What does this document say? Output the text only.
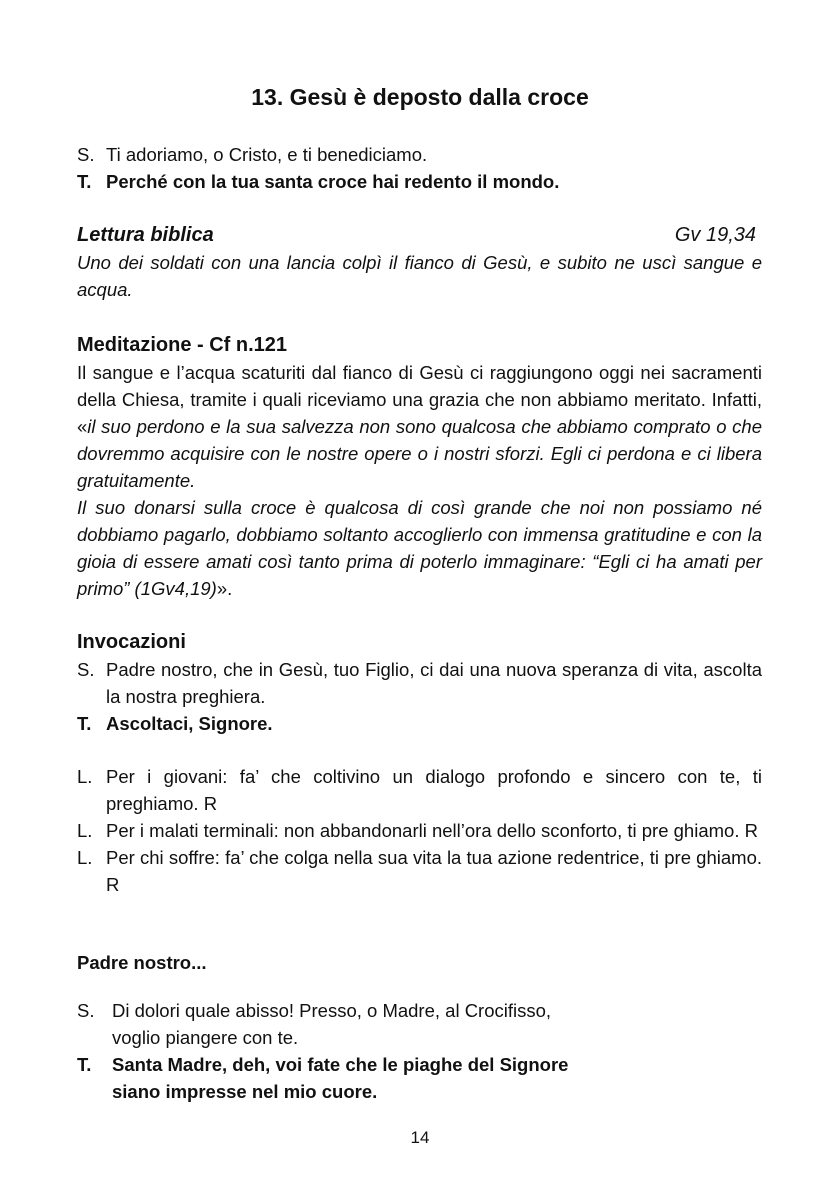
13. Gesù è deposto dalla croce
S. Ti adoriamo, o Cristo, e ti benediciamo.
T. Perché con la tua santa croce hai redento il mondo.
Lettura biblica	Gv 19,34
Uno dei soldati con una lancia colpì il fianco di Gesù, e subito ne uscì sangue e acqua.
Meditazione - Cf n.121
Il sangue e l’acqua scaturiti dal fianco di Gesù ci raggiungono oggi nei sacramenti della Chiesa, tramite i quali riceviamo una grazia che non abbiamo meritato. Infatti, «il suo perdono e la sua salvezza non sono qualcosa che abbiamo comprato o che dovremmo acquisire con le nostre opere o i nostri sforzi. Egli ci perdona e ci libera gratuitamente.
Il suo donarsi sulla croce è qualcosa di così grande che noi non possiamo né dobbiamo pagarlo, dobbiamo soltanto accoglierlo con immensa gratitudine e con la gioia di essere amati così tanto prima di poterlo immaginare: “Egli ci ha amati per primo” (1Gv4,19)».
Invocazioni
S. Padre nostro, che in Gesù, tuo Figlio, ci dai una nuova speranza di vita, ascolta la nostra preghiera.
T. Ascoltaci, Signore.
L. Per i giovani: fa’ che coltivino un dialogo profondo e sincero con te, ti preghiamo. R
L. Per i malati terminali: non abbandonarli nell’ora dello sconforto, ti pre ghiamo. R
L. Per chi soffre: fa’ che colga nella sua vita la tua azione redentrice, ti pre ghiamo. R
Padre nostro...
S. Di dolori quale abisso! Presso, o Madre, al Crocifisso,
voglio piangere con te.
T.	Santa Madre, deh, voi fate che le piaghe del Signore
siano impresse nel mio cuore.
14
